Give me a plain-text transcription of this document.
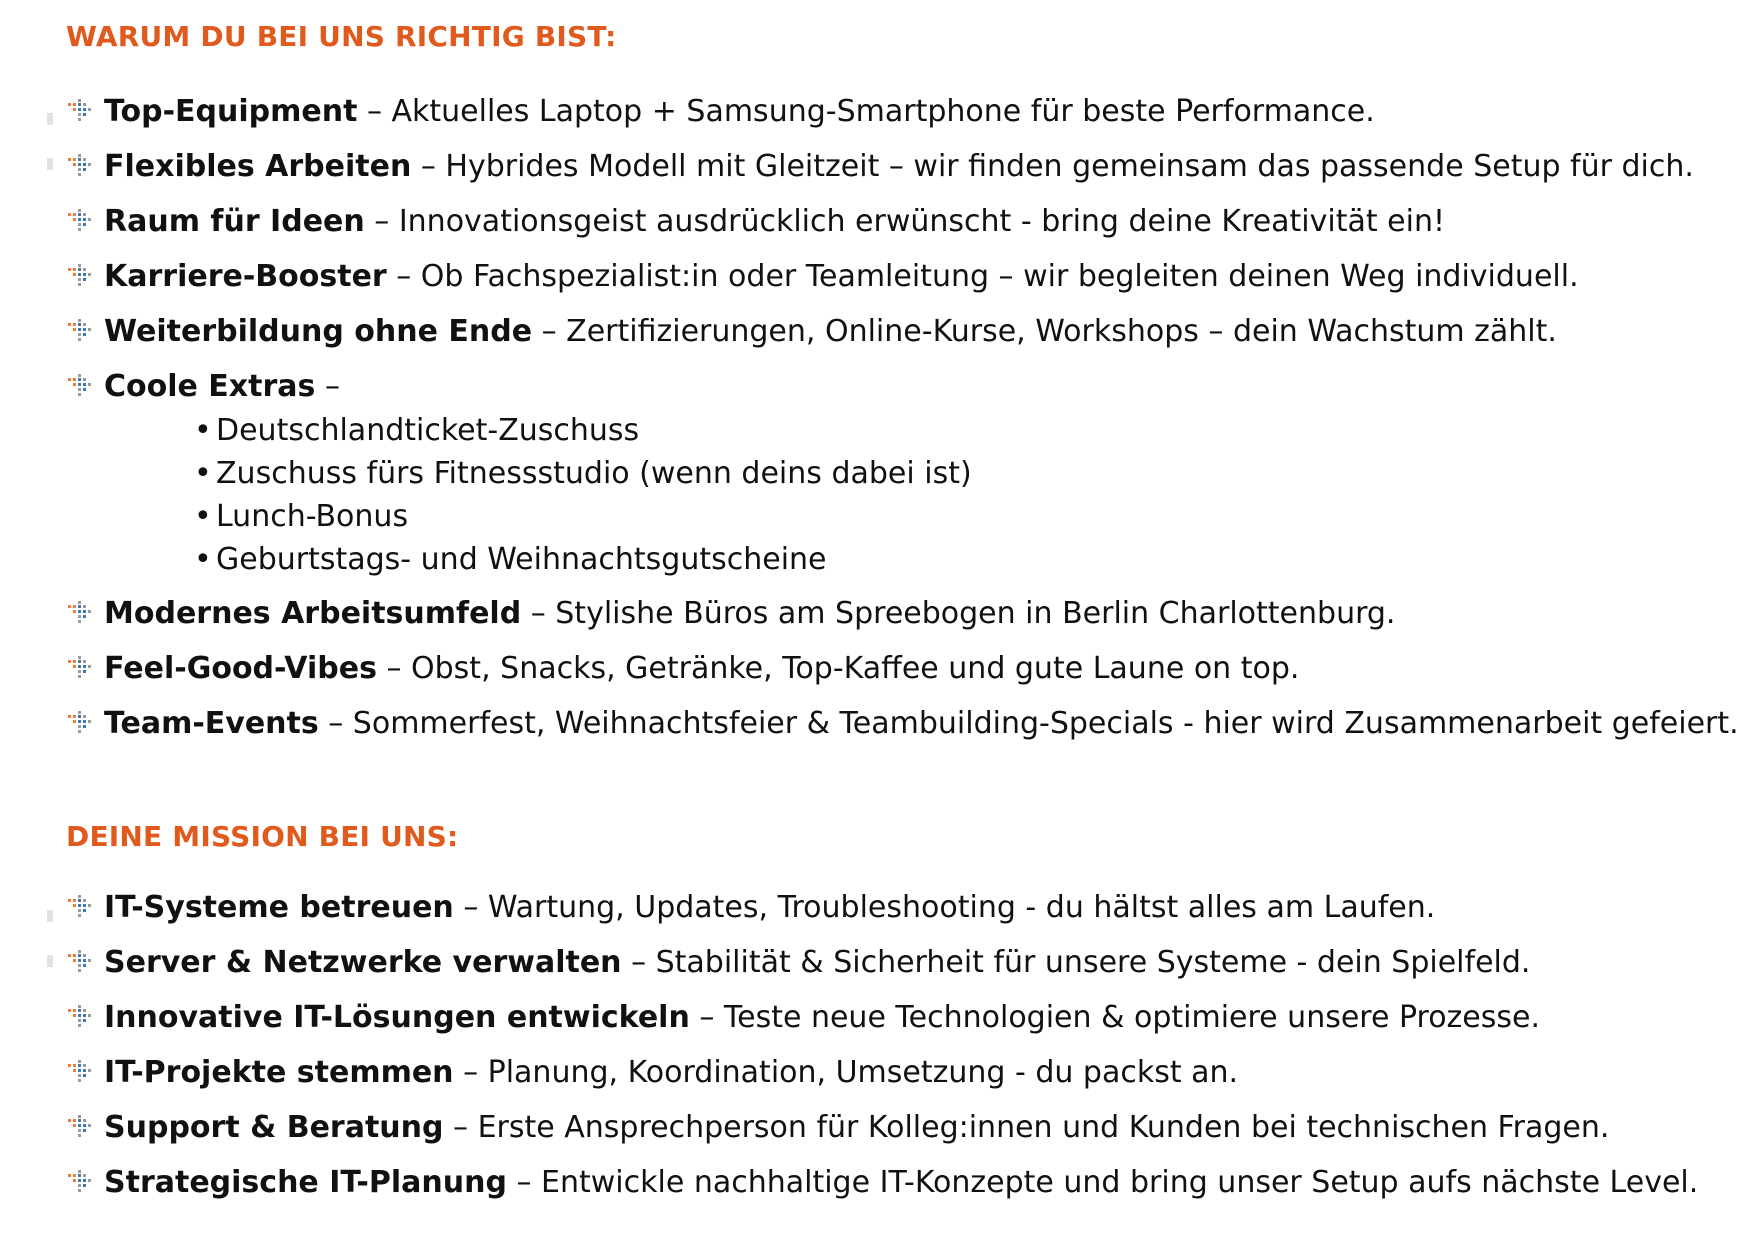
WARUM DU BEI UNS RICHTIG BIST:
Top-Equipment – Aktuelles Laptop + Samsung-Smartphone für beste Performance.
Flexibles Arbeiten – Hybrides Modell mit Gleitzeit – wir finden gemeinsam das passende Setup für dich.
Raum für Ideen – Innovationsgeist ausdrücklich erwünscht - bring deine Kreativität ein!
Karriere-Booster – Ob Fachspezialist:in oder Teamleitung – wir begleiten deinen Weg individuell.
Weiterbildung ohne Ende – Zertifizierungen, Online-Kurse, Workshops – dein Wachstum zählt.
Coole Extras –
• Deutschlandticket-Zuschuss
• Zuschuss fürs Fitnessstudio (wenn deins dabei ist)
• Lunch-Bonus
• Geburtstags- und Weihnachtsgutscheine
Modernes Arbeitsumfeld – Stylishe Büros am Spreebogen in Berlin Charlottenburg.
Feel-Good-Vibes – Obst, Snacks, Getränke, Top-Kaffee und gute Laune on top.
Team-Events – Sommerfest, Weihnachtsfeier & Teambuilding-Specials - hier wird Zusammenarbeit gefeiert.
DEINE MISSION BEI UNS:
IT-Systeme betreuen – Wartung, Updates, Troubleshooting - du hältst alles am Laufen.
Server & Netzwerke verwalten – Stabilität & Sicherheit für unsere Systeme - dein Spielfeld.
Innovative IT-Lösungen entwickeln – Teste neue Technologien & optimiere unsere Prozesse.
IT-Projekte stemmen – Planung, Koordination, Umsetzung - du packst an.
Support & Beratung – Erste Ansprechperson für Kolleg:innen und Kunden bei technischen Fragen.
Strategische IT-Planung – Entwickle nachhaltige IT-Konzepte und bring unser Setup aufs nächste Level.
